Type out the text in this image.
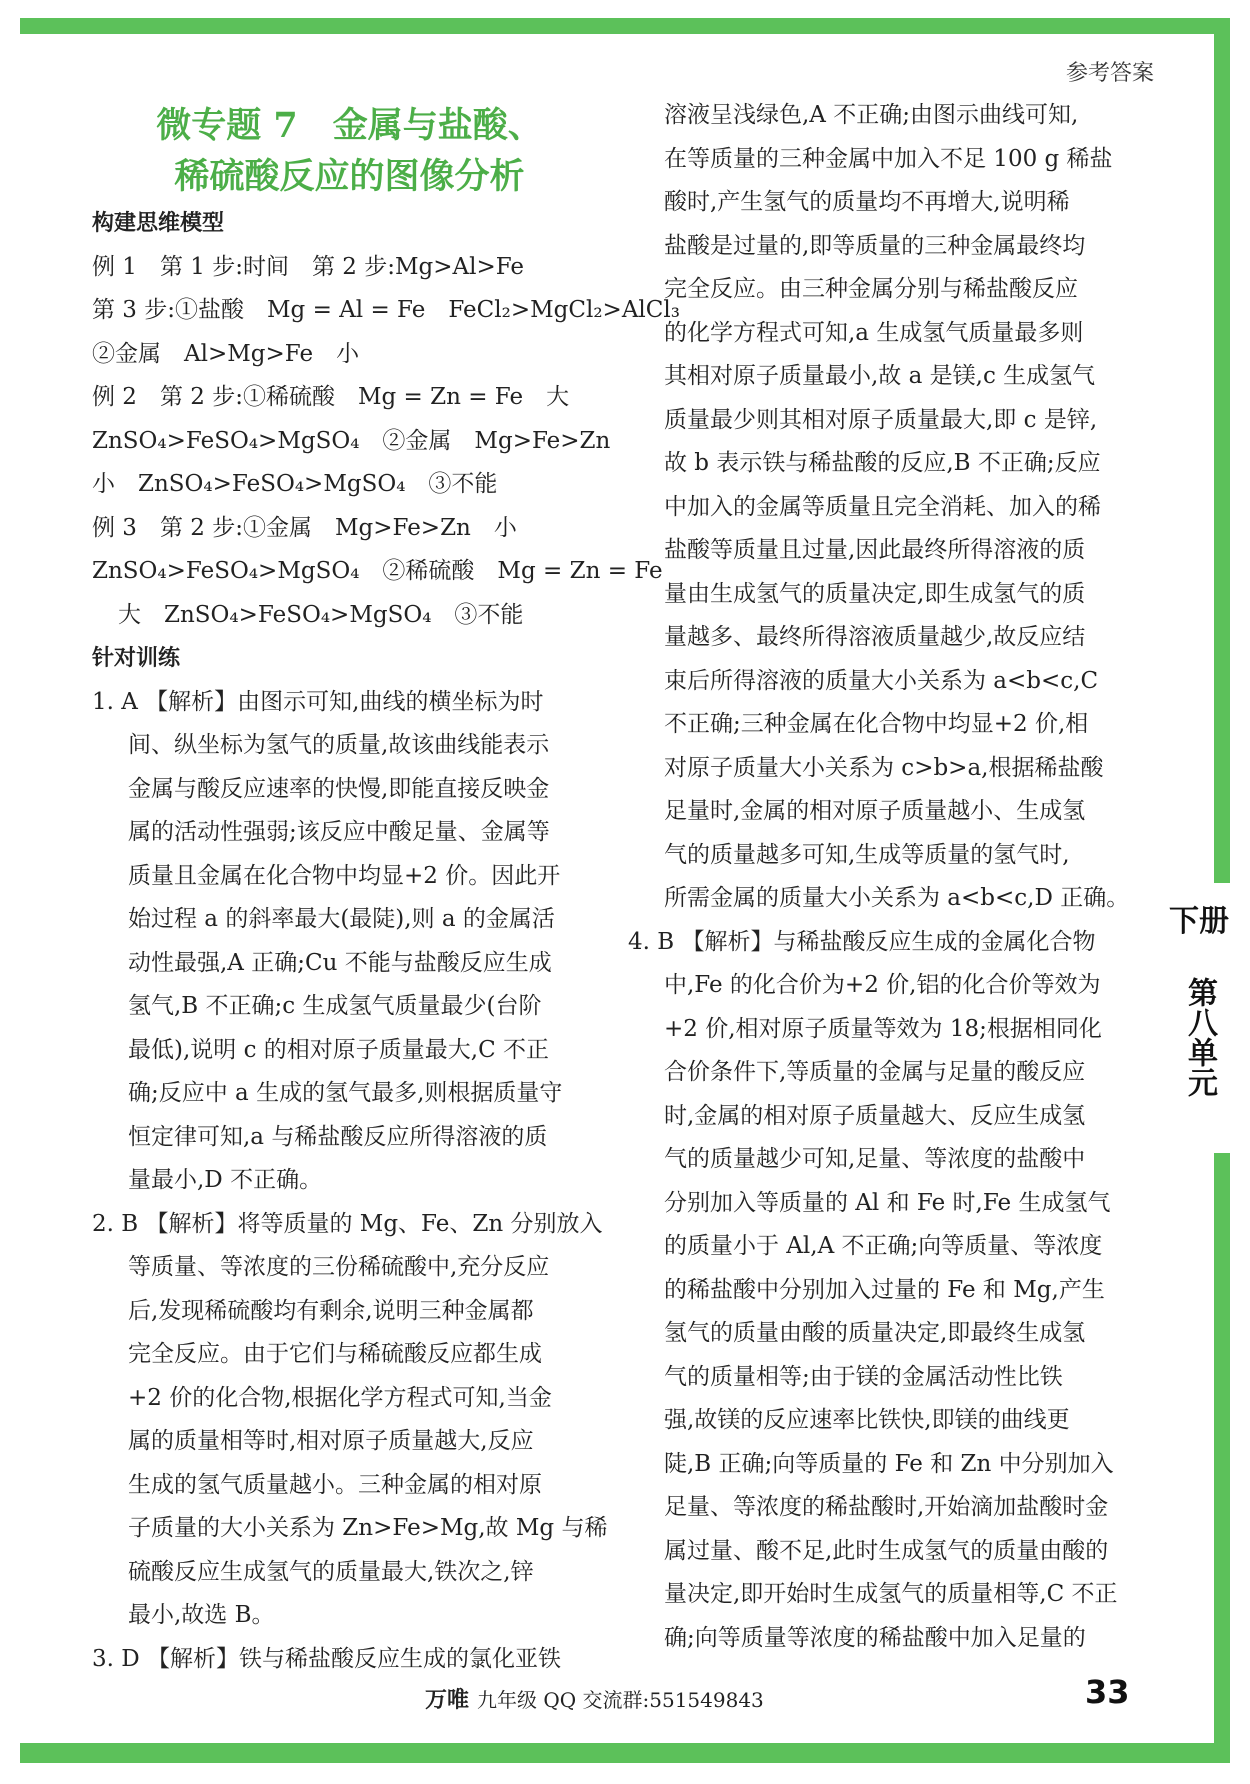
下册
第八单元
参考答案
微专题 7　金属与盐酸、
稀硫酸反应的图像分析
构建思维模型
例 1　第 1 步:时间　第 2 步:Mg>Al>Fe
第 3 步:①盐酸　Mg = Al = Fe　FeCl₂>MgCl₂>AlCl₃
②金属　Al>Mg>Fe　小
例 2　第 2 步:①稀硫酸　Mg = Zn = Fe　大
ZnSO₄>FeSO₄>MgSO₄　②金属　Mg>Fe>Zn
小　ZnSO₄>FeSO₄>MgSO₄　③不能
例 3　第 2 步:①金属　Mg>Fe>Zn　小
ZnSO₄>FeSO₄>MgSO₄　②稀硫酸　Mg = Zn = Fe
大　ZnSO₄>FeSO₄>MgSO₄　③不能
针对训练
1. A 【解析】由图示可知,曲线的横坐标为时
间、纵坐标为氢气的质量,故该曲线能表示
金属与酸反应速率的快慢,即能直接反映金
属的活动性强弱;该反应中酸足量、金属等
质量且金属在化合物中均显+2 价。因此开
始过程 a 的斜率最大(最陡),则 a 的金属活
动性最强,A 正确;Cu 不能与盐酸反应生成
氢气,B 不正确;c 生成氢气质量最少(台阶
最低),说明 c 的相对原子质量最大,C 不正
确;反应中 a 生成的氢气最多,则根据质量守
恒定律可知,a 与稀盐酸反应所得溶液的质
量最小,D 不正确。
2. B 【解析】将等质量的 Mg、Fe、Zn 分别放入
等质量、等浓度的三份稀硫酸中,充分反应
后,发现稀硫酸均有剩余,说明三种金属都
完全反应。由于它们与稀硫酸反应都生成
+2 价的化合物,根据化学方程式可知,当金
属的质量相等时,相对原子质量越大,反应
生成的氢气质量越小。三种金属的相对原
子质量的大小关系为 Zn>Fe>Mg,故 Mg 与稀
硫酸反应生成氢气的质量最大,铁次之,锌
最小,故选 B。
3. D 【解析】铁与稀盐酸反应生成的氯化亚铁
溶液呈浅绿色,A 不正确;由图示曲线可知,
在等质量的三种金属中加入不足 100 g 稀盐
酸时,产生氢气的质量均不再增大,说明稀
盐酸是过量的,即等质量的三种金属最终均
完全反应。由三种金属分别与稀盐酸反应
的化学方程式可知,a 生成氢气质量最多则
其相对原子质量最小,故 a 是镁,c 生成氢气
质量最少则其相对原子质量最大,即 c 是锌,
故 b 表示铁与稀盐酸的反应,B 不正确;反应
中加入的金属等质量且完全消耗、加入的稀
盐酸等质量且过量,因此最终所得溶液的质
量由生成氢气的质量决定,即生成氢气的质
量越多、最终所得溶液质量越少,故反应结
束后所得溶液的质量大小关系为 a<b<c,C
不正确;三种金属在化合物中均显+2 价,相
对原子质量大小关系为 c>b>a,根据稀盐酸
足量时,金属的相对原子质量越小、生成氢
气的质量越多可知,生成等质量的氢气时,
所需金属的质量大小关系为 a<b<c,D 正确。
4. B 【解析】与稀盐酸反应生成的金属化合物
中,Fe 的化合价为+2 价,铝的化合价等效为
+2 价,相对原子质量等效为 18;根据相同化
合价条件下,等质量的金属与足量的酸反应
时,金属的相对原子质量越大、反应生成氢
气的质量越少可知,足量、等浓度的盐酸中
分别加入等质量的 Al 和 Fe 时,Fe 生成氢气
的质量小于 Al,A 不正确;向等质量、等浓度
的稀盐酸中分别加入过量的 Fe 和 Mg,产生
氢气的质量由酸的质量决定,即最终生成氢
气的质量相等;由于镁的金属活动性比铁
强,故镁的反应速率比铁快,即镁的曲线更
陡,B 正确;向等质量的 Fe 和 Zn 中分别加入
足量、等浓度的稀盐酸时,开始滴加盐酸时金
属过量、酸不足,此时生成氢气的质量由酸的
量决定,即开始时生成氢气的质量相等,C 不正
确;向等质量等浓度的稀盐酸中加入足量的
万唯 九年级 QQ 交流群:551549843	33
